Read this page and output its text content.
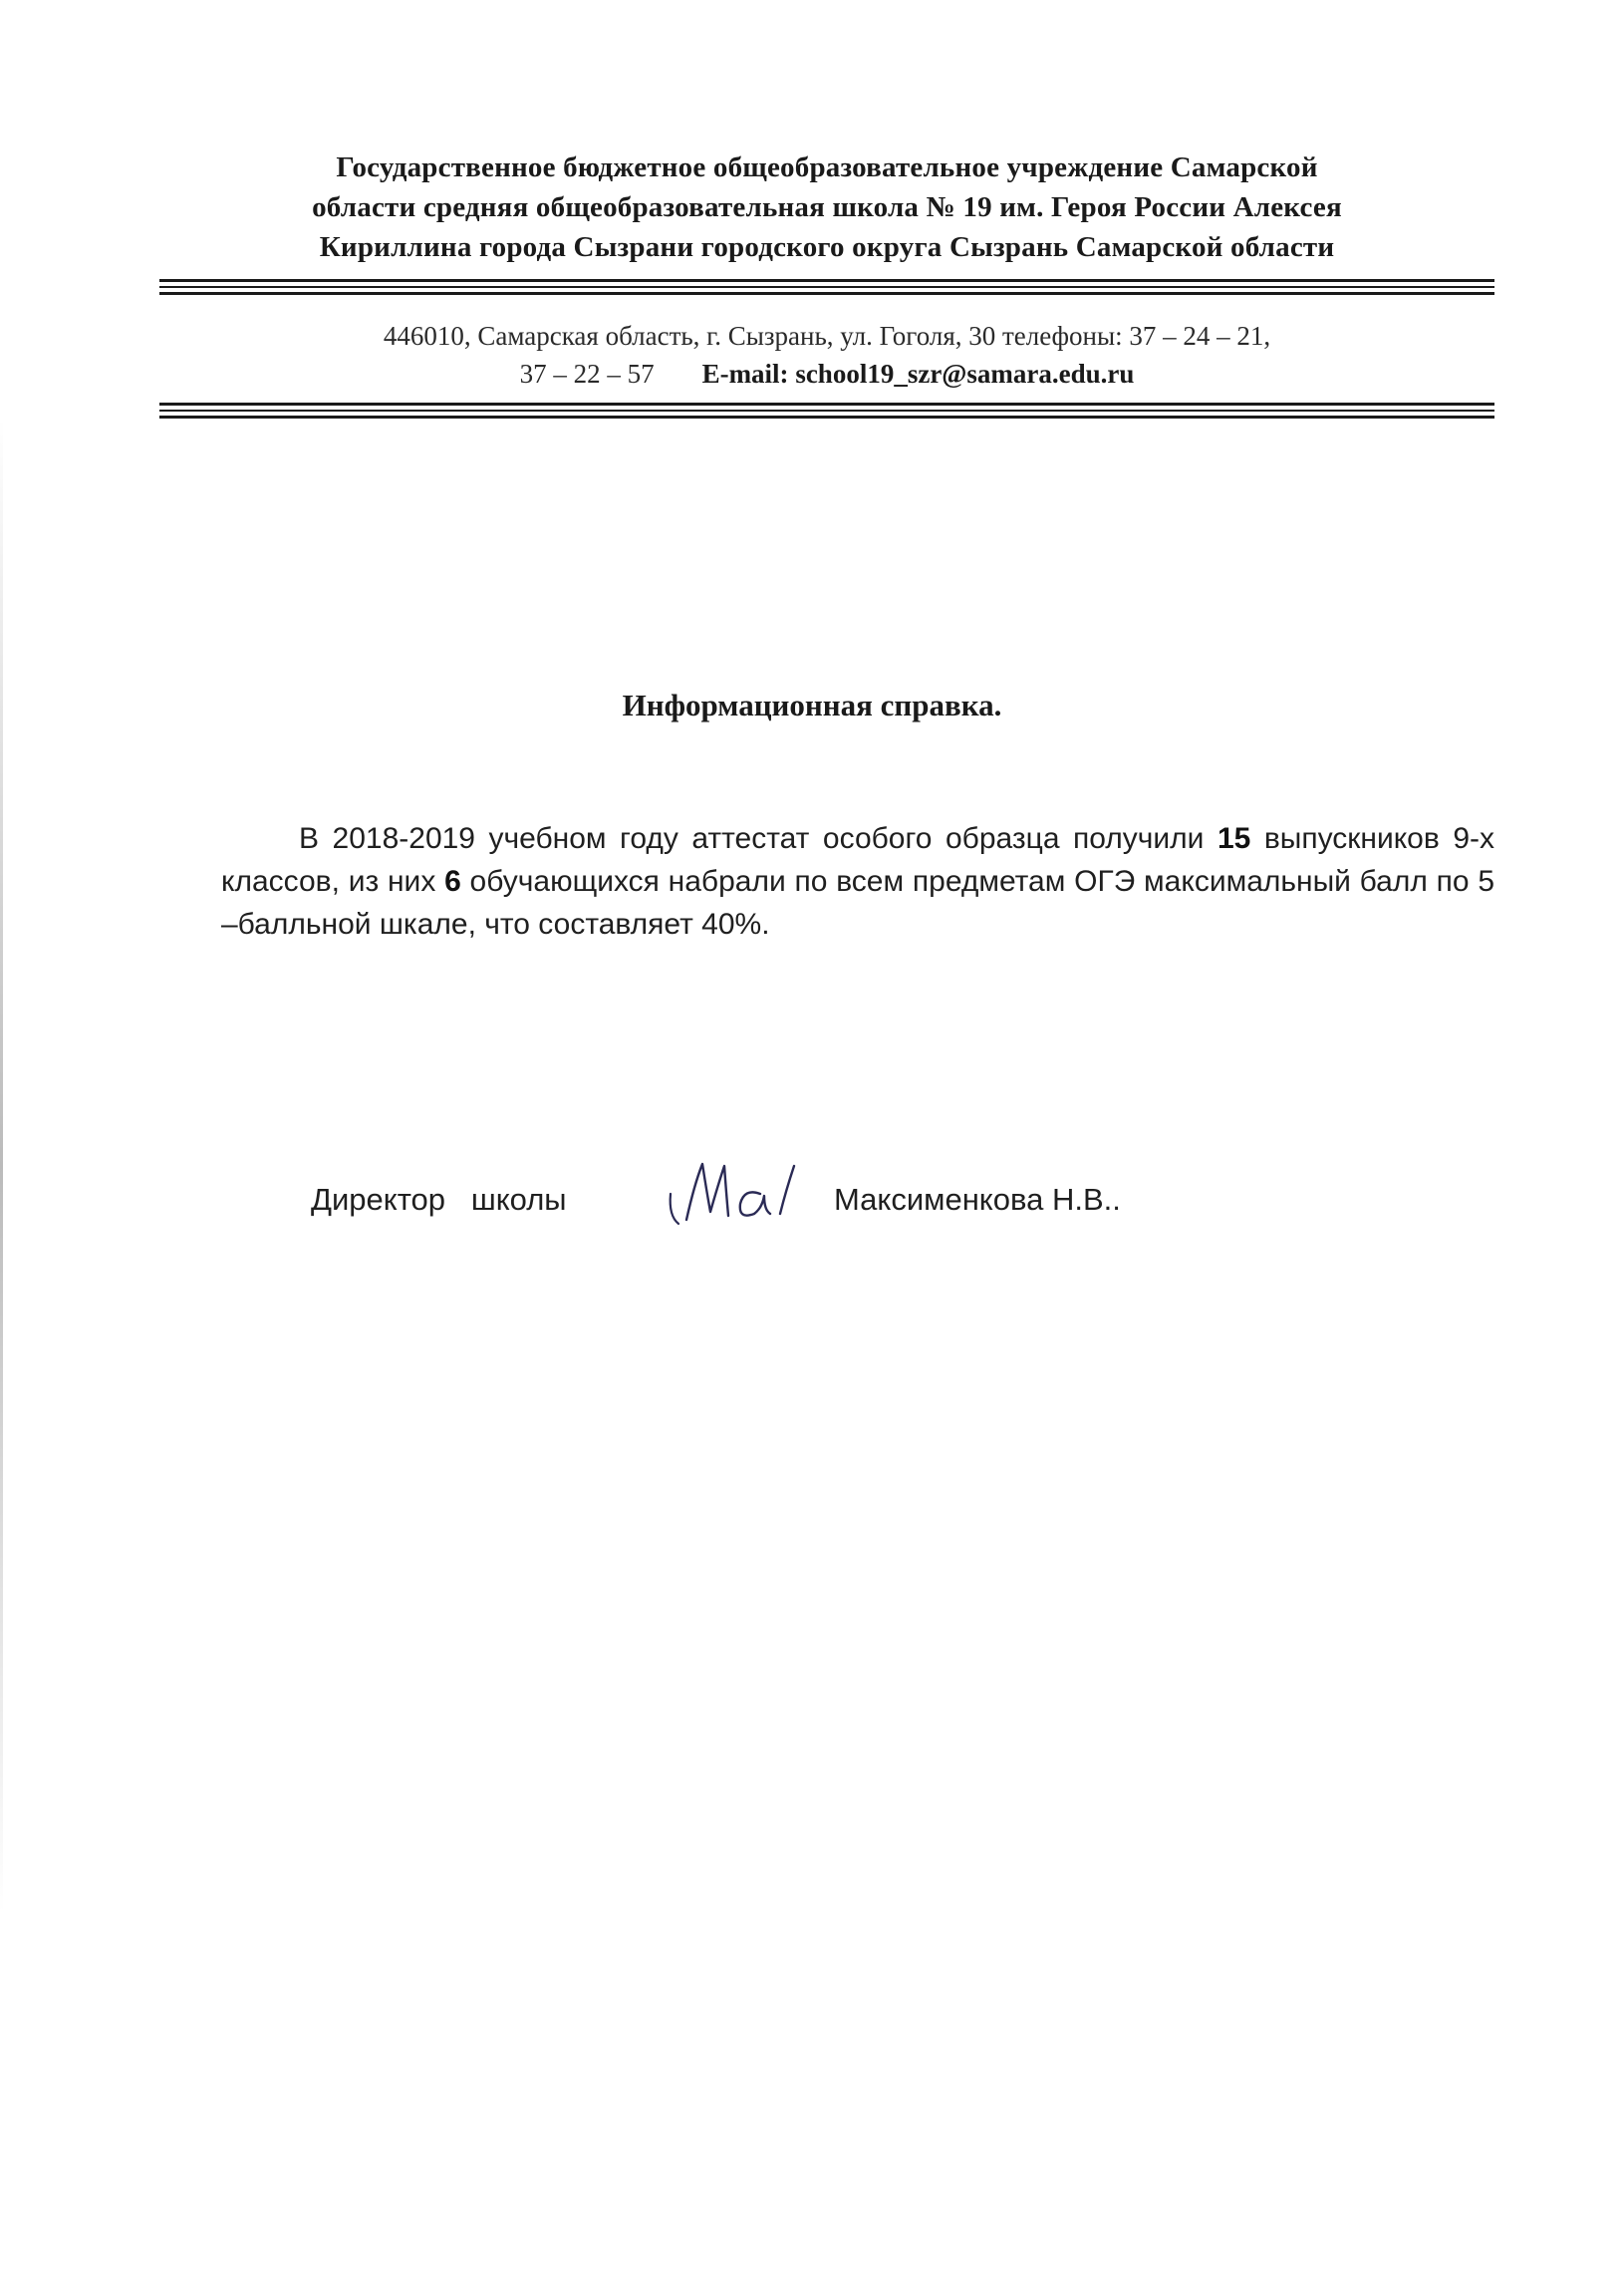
Государственное бюджетное общеобразовательное учреждение Самарской
области средняя общеобразовательная школа № 19 им. Героя России Алексея
Кириллина города Сызрани городского округа Сызрань Самарской области
446010, Самарская область, г. Сызрань, ул. Гоголя, 30 телефоны: 37 – 24 – 21,
37 – 22 – 57 E-mail: school19_szr@samara.edu.ru
Информационная справка.
В 2018-2019 учебном году аттестат особого образца получили 15 выпускников 9-х классов, из них 6 обучающихся набрали по всем предметам ОГЭ максимальный балл по 5 –балльной шкале, что составляет 40%.
Директор   школы	Максименкова Н.В..
